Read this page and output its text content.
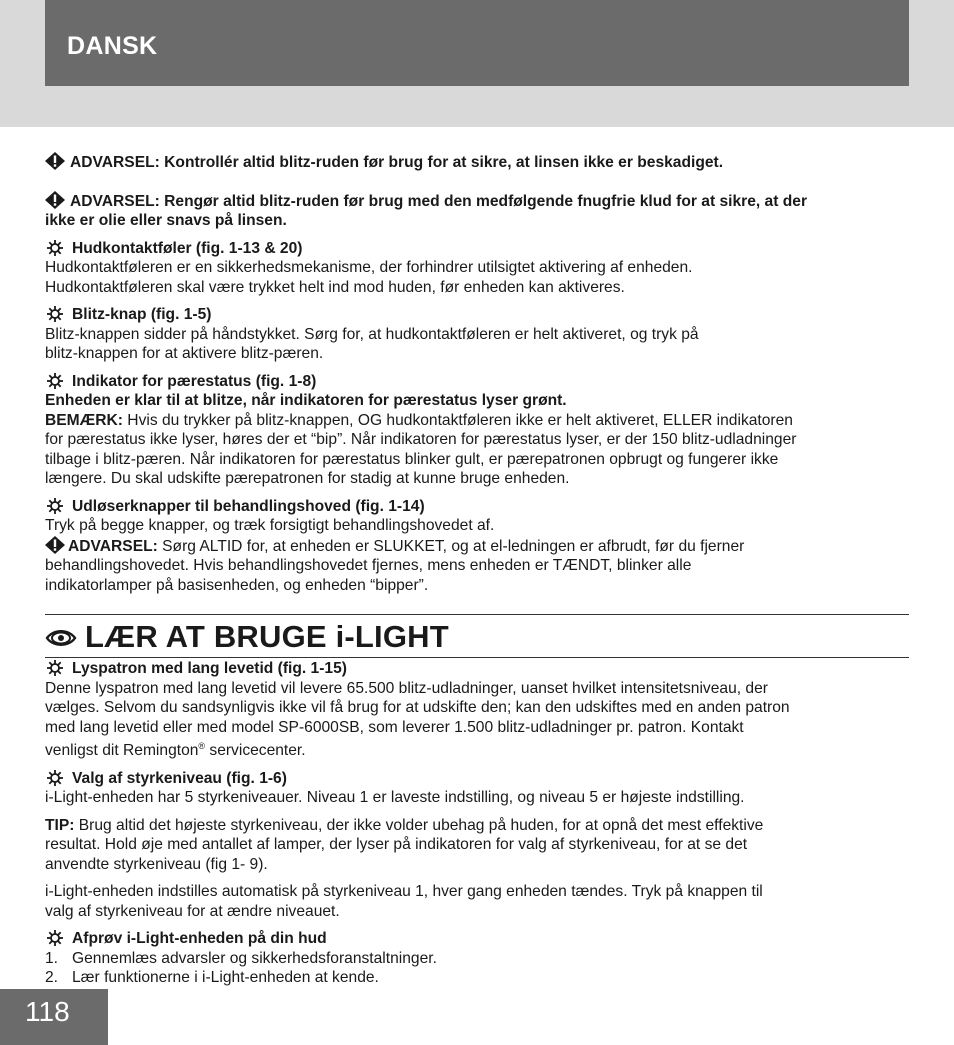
DANSK

ADVARSEL: Kontrollér altid blitz-ruden før brug for at sikre, at linsen ikke er beskadiget.

ADVARSEL: Rengør altid blitz-ruden før brug med den medfølgende fnugfrie klud for at sikre, at der
ikke er olie eller snavs på linsen.

Hudkontaktføler (fig. 1-13 & 20)
Hudkontaktføleren er en sikkerhedsmekanisme, der forhindrer utilsigtet aktivering af enheden.
Hudkontaktføleren skal være trykket helt ind mod huden, før enheden kan aktiveres.

Blitz-knap (fig. 1-5)
Blitz-knappen sidder på håndstykket. Sørg for, at hudkontaktføleren er helt aktiveret, og tryk på
blitz-knappen for at aktivere blitz-pæren.

Indikator for pærestatus (fig. 1-8)
Enheden er klar til at blitze, når indikatoren for pærestatus lyser grønt.
BEMÆRK: Hvis du trykker på blitz-knappen, OG hudkontaktføleren ikke er helt aktiveret, ELLER indikatoren
for pærestatus ikke lyser, høres der et “bip”. Når indikatoren for pærestatus lyser, er der 150 blitz-udladninger
tilbage i blitz-pæren. Når indikatoren for pærestatus blinker gult, er pærepatronen opbrugt og fungerer ikke
længere. Du skal udskifte pærepatronen for stadig at kunne bruge enheden.

Udløserknapper til behandlingshoved (fig. 1-14)
Tryk på begge knapper, og træk forsigtigt behandlingshovedet af.
ADVARSEL: Sørg ALTID for, at enheden er SLUKKET, og at el-ledningen er afbrudt, før du fjerner
behandlingshovedet. Hvis behandlingshovedet fjernes, mens enheden er TÆNDT, blinker alle
indikatorlamper på basisenheden, og enheden “bipper”.

LÆR AT BRUGE i-LIGHT

Lyspatron med lang levetid (fig. 1-15)
Denne lyspatron med lang levetid vil levere 65.500 blitz-udladninger, uanset hvilket intensitetsniveau, der
vælges. Selvom du sandsynligvis ikke vil få brug for at udskifte den; kan den udskiftes med en anden patron
med lang levetid eller med model SP-6000SB, som leverer 1.500 blitz-udladninger pr. patron. Kontakt
venligst dit Remington® servicecenter.

Valg af styrkeniveau (fig. 1-6)
i-Light-enheden har 5 styrkeniveauer. Niveau 1 er laveste indstilling, og niveau 5 er højeste indstilling.

TIP: Brug altid det højeste styrkeniveau, der ikke volder ubehag på huden, for at opnå det mest effektive
resultat. Hold øje med antallet af lamper, der lyser på indikatoren for valg af styrkeniveau, for at se det
anvendte styrkeniveau (fig 1- 9).

i-Light-enheden indstilles automatisk på styrkeniveau 1, hver gang enheden tændes. Tryk på knappen til
valg af styrkeniveau for at ændre niveauet.

Afprøv i-Light-enheden på din hud

1. Gennemlæs advarsler og sikkerhedsforanstaltninger.

2. Lær funktionerne i i-Light-enheden at kende.

118
